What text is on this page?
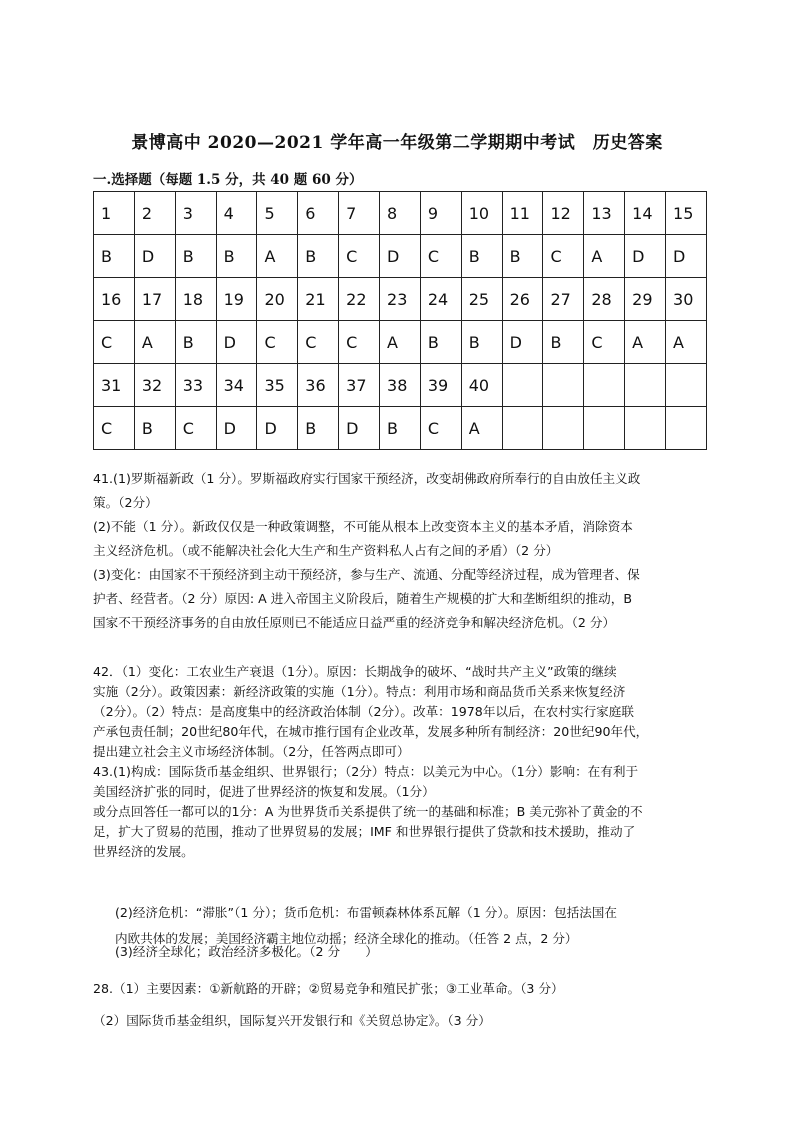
景博高中 2020—2021 学年高一年级第二学期期中考试　历史答案
一.选择题（每题 1.5 分，共 40 题 60 分）
1	2	3	4	5	6	7	8	9	10	11	12	13	14	15
B	D	B	B	A	B	C	D	C	B	B	C	A	D	D
16	17	18	19	20	21	22	23	24	25	26	27	28	29	30
C	A	B	D	C	C	C	A	B	B	D	B	C	A	A
31	32	33	34	35	36	37	38	39	40					
C	B	C	D	D	B	D	B	C	A					

41.(1)罗斯福新政（1 分）。罗斯福政府实行国家干预经济，改变胡佛政府所奉行的自由放任主义政

策。（2分）

(2)不能（1 分）。新政仅仅是一种政策调整，不可能从根本上改变资本主义的基本矛盾，消除资本

主义经济危机。（或不能解决社会化大生产和生产资料私人占有之间的矛盾）（2 分）

(3)变化：由国家不干预经济到主动干预经济，参与生产、流通、分配等经济过程，成为管理者、保

护者、经营者。（2 分）原因: A 进入帝国主义阶段后，随着生产规模的扩大和垄断组织的推动，B

国家不干预经济事务的自由放任原则已不能适应日益严重的经济竞争和解决经济危机。（2 分）

42．（1）变化：工农业生产衰退（1分）。原因：长期战争的破坏、“战时共产主义”政策的继续

实施（2分）。政策因素：新经济政策的实施（1分）。特点：利用市场和商品货币关系来恢复经济

（2分）。（2）特点：是高度集中的经济政治体制（2分）。改革：1978年以后，在农村实行家庭联

产承包责任制；20世纪80年代，在城市推行国有企业改革，发展多种所有制经济：20世纪90年代，

提出建立社会主义市场经济体制。（2分，任答两点即可）

43.(1)构成：国际货币基金组织、世界银行；（2分）特点：以美元为中心。（1分）影响：在有利于

美国经济扩张的同时，促进了世界经济的恢复和发展。（1分）

或分点回答任一都可以的1分：A 为世界货币关系提供了统一的基础和标准；B 美元弥补了黄金的不

足，扩大了贸易的范围，推动了世界贸易的发展；IMF 和世界银行提供了贷款和技术援助，推动了

世界经济的发展。

(2)经济危机：“滞胀”（1 分）；货币危机：布雷顿森林体系瓦解（1 分）。原因：包括法国在

内欧共体的发展；美国经济霸主地位动摇；经济全球化的推动。（任答 2 点，2 分）

(3)经济全球化；政治经济多极化。（2 分　　）

28.（1）主要因素：①新航路的开辟；②贸易竞争和殖民扩张；③工业革命。（3 分）

（2）国际货币基金组织，国际复兴开发银行和《关贸总协定》。（3 分）
